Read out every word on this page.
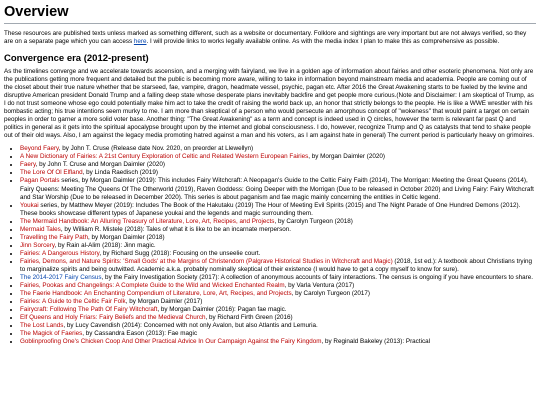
Overview

These resources are published texts unless marked as something different, such as a website or documentary. Folklore and sightings are very important but are not always verified, so they are on a separate page which you can access here. I will provide links to works legally available online. As with the media index I plan to make this as comprehensive as possible.

Convergence era (2012-present)

As the timelines converge and we accelerate towards ascension, and a merging with fairyland, we live in a golden age of information about fairies and other esoteric phenomena. Not only are the publications getting more frequent and detailed but the public is becoming more aware, willing to take in information beyond mainstream media and academia. People are coming out of the closet about their true nature whether that be starseed, fae, vampire, dragon, headmate vessel, psychic, pagan etc. After 2016 the Great Awakening starts to be fueled by the levine and disruptive American president Donald Trump and a falling deep state whose desperate plans inevitably backfire and get people more curious.(Note and Disclaimer: I am skeptical of Trump, as I do not trust someone whose ego could potentially make him act to take the credit of raising the world back up, an honor that strictly belongs to the people. He is like a WWE wrestler with his bombastic acting; his true intentions seem murky to me. I am more than skeptical of a person who would persecute an amorphous concept of "wokeness" that would paint a target on certain peoples in order to garner a more solid voter base. Another thing: "The Great Awakening" as a term and concept is indeed used in Q circles, however the term is relevant far past Q and politics in general as it gets into the spiritual apocalypse brought upon by the internet and global consciousness. I do, however, recognize Trump and Q as catalysts that tend to shake people out of their old ways. Also, I am against the legacy media promoting hatred against a man and his voters, as I am against hate in general) The current period is particularly heavy on grimoires.

• Beyond Faery, by John T. Cruse (Release date Nov. 2020, on preorder at Llewellyn)
• A New Dictionary of Fairies: A 21st Century Exploration of Celtic and Related Western European Fairies, by Morgan Daimler (2020)
• Faery, by John T. Cruse and Morgan Daimler (2020)
• The Lore Of Ol Elfland, by Linda Raedisch (2019)
• Pagan Portals series, by Morgan Daimler (2019): This includes Fairy Witchcraft: A Neopagan's Guide to the Celtic Fairy Faith (2014), The Morrigan: Meeting the Great Queens (2014), Fairy Queens: Meeting The Queens Of The Otherworld (2019), Raven Goddess: Going Deeper with the Morrigan (Due to be released in October 2020) and Living Fairy: Fairy Witchcraft and Star Worship (Due to be released in December 2020). This series is about paganism and fae magic mainly concerning the entities in Celtic legend.
• Youkai series, by Matthew Meyer (2019): Includes The Book of the Hakutaku (2019) The Hour of Meeting Evil Spirits (2015) and The Night Parade of One Hundred Demons (2012). These books showcase different types of Japanese youkai and the legends and magic surrounding them.
• The Mermaid Handbook: An Alluring Treasury of Literature, Lore, Art, Recipes, and Projects, by Carolyn Turgeon (2018)
• Mermaid Tales, by William R. Mistele (2018): Tales of what it is like to be an incarnate merperson.
• Travelling the Fairy Path, by Morgan Daimler (2018)
• Jinn Sorcery, by Rain al-Alim (2018): Jinn magic.
• Fairies: A Dangerous History, by Richard Sugg (2018): Focusing on the unseelie court.
• Fairies, Demons, and Nature Spirits: 'Small Gods' at the Margins of Christendom (Palgrave Historical Studies in Witchcraft and Magic) (2018, 1st ed.): A textbook about Christians trying to marginalize spirits and being outwitted. Academic a.k.a. probably nominally skeptical of their existence (I would have to get a copy myself to know for sure).
• The 2014-2017 Fairy Census, by the Fairy Investigation Society (2017): A collection of anonymous accounts of fairy interactions. The census is ongoing if you have encounters to share.
• Fairies, Pookas and Changelings: A Complete Guide to the Wild and Wicked Enchanted Realm, by Varla Ventura (2017)
• The Faerie Handbook: An Enchanting Compendium of Literature, Lore, Art, Recipes, and Projects, by Carolyn Turgeon (2017)
• Fairies: A Guide to the Celtic Fair Folk, by Morgan Daimler (2017)
• Fairycraft: Following The Path Of Fairy Witchcraft, by Morgan Daimler (2016): Pagan fae magic.
• Elf Queens and Holy Friars: Fairy Beliefs and the Medieval Church, by Richard Firth Green (2016)
• The Lost Lands, by Lucy Cavendish (2014): Concerned with not only Avalon, but also Atlantis and Lemuria.
• The Magick of Faeries, by Cassandra Eason (2013): Fae magic
• Goblinproofing One's Chicken Coop And Other Practical Advice In Our Campaign Against the Fairy Kingdom, by Reginald Bakeley (2013): Practical
